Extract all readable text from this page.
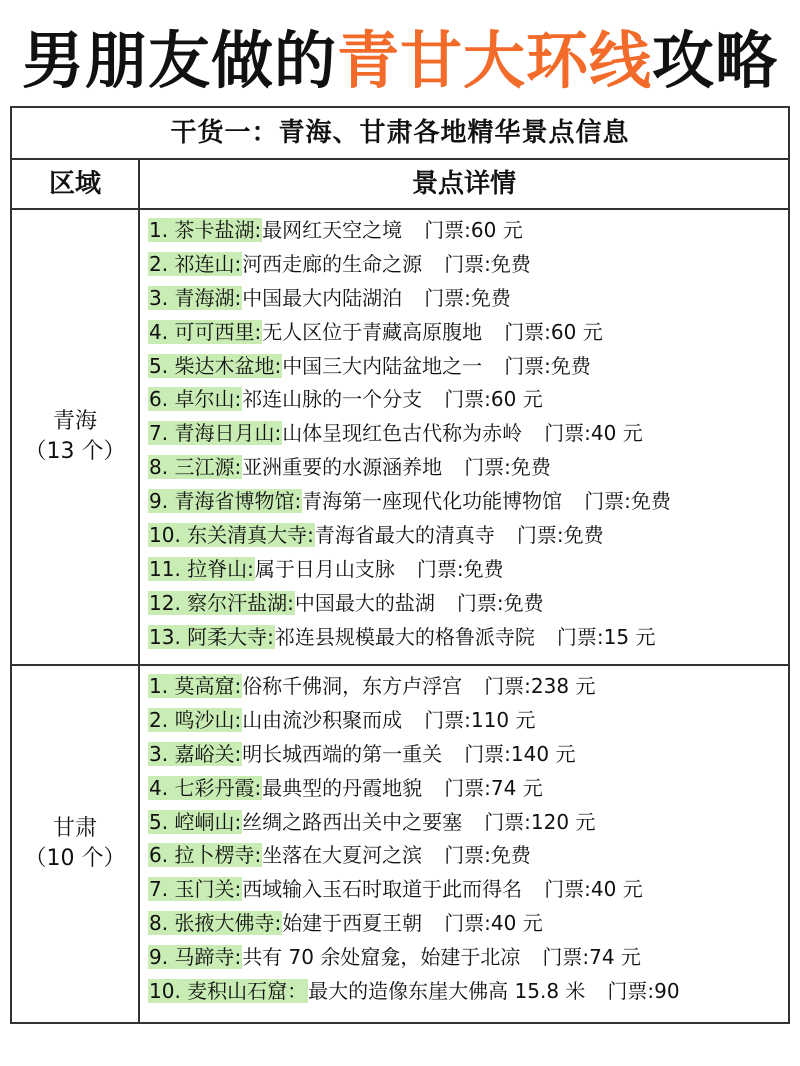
男朋友做的青甘大环线攻略
干货一：青海、甘肃各地精华景点信息
区域	景点详情
青海
（13 个）
1. 茶卡盐湖:最网红天空之境 门票:60 元
2. 祁连山:河西走廊的生命之源 门票:免费
3. 青海湖:中国最大内陆湖泊 门票:免费
4. 可可西里:无人区位于青藏高原腹地 门票:60 元
5. 柴达木盆地:中国三大内陆盆地之一 门票:免费
6. 卓尔山:祁连山脉的一个分支 门票:60 元
7. 青海日月山:山体呈现红色古代称为赤岭 门票:40 元
8. 三江源:亚洲重要的水源涵养地 门票:免费
9. 青海省博物馆:青海第一座现代化功能博物馆 门票:免费
10. 东关清真大寺:青海省最大的清真寺 门票:免费
11. 拉脊山:属于日月山支脉 门票:免费
12. 察尔汗盐湖:中国最大的盐湖 门票:免费
13. 阿柔大寺:祁连县规模最大的格鲁派寺院 门票:15 元
甘肃
（10 个）
1. 莫高窟:俗称千佛洞，东方卢浮宫 门票:238 元
2. 鸣沙山:山由流沙积聚而成 门票:110 元
3. 嘉峪关:明长城西端的第一重关 门票:140 元
4. 七彩丹霞:最典型的丹霞地貌 门票:74 元
5. 崆峒山:丝绸之路西出关中之要塞 门票:120 元
6. 拉卜楞寺:坐落在大夏河之滨 门票:免费
7. 玉门关:西域输入玉石时取道于此而得名 门票:40 元
8. 张掖大佛寺:始建于西夏王朝 门票:40 元
9. 马蹄寺:共有 70 余处窟龛，始建于北凉 门票:74 元
10. 麦积山石窟：最大的造像东崖大佛高 15.8 米 门票:90
